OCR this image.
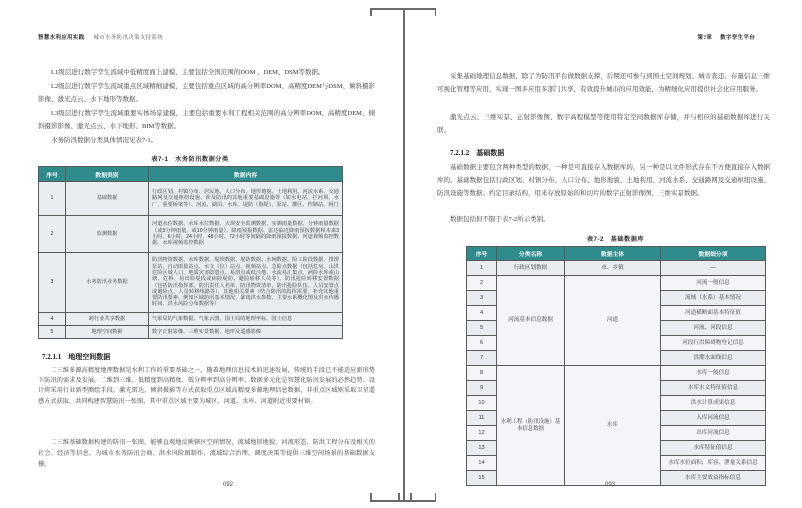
智慧水利应用实践 城市水务防汛决策支持系统

L1级层进行数字孪生流域中低精度面上建模，主要包括全国范围的DOM 、DEM、DSM等数据。

L2级层进行数字孪生流域重点区域精细建模，主要包括重点区域的高分辨率DOM、高精度DEM与DSM、倾斜摄影影像、激光点云、水下地形等数据。

L3级层进行数字孪生流域重要实体场景建模，主要包括重要水利工程相关范围的高分辨率DOM、高精度DEM、倾斜摄影影像、激光点云、水下地形、BIM等数据。

水务防汛数据分类具体情况见表7-1。

表7-1　水务防汛数据分类
序号	数据类别	数据内容
1	基础数据	行政区划、村镇分布、居民地、人口分布、地形地貌、土地利用、河流水系、交通路网及交通枢纽设施、涉及防汛的其他重要基础设施等（如水电站、拦河坝、水厂、重要桥梁等）、河流、湖泊、水库、堤防（海堤）、泵站、灌区、控制站、闸门
2	监测数据	河道水位数据、水库水位数据、大坝安全监测数据、实测雨量数据、分钟雨量数据（或5分钟雨量，或10分钟雨量）、降雨预报数据、雷达临近降雨预报数据和未来3小时、6小时、24小时、48小时、72小时等间隔的降雨预报数据、河道视频监控数据、水库视频监控数据
3	水务防汛业务数据	防汛物资数据、水库数据、堤坝数据、堤防数据、水闸数据、险工险段数据、排涝泵站、自动雨量站点、水文（位）站点、视频站点、急险点数据（包括危房、山洪危险区域人口、地质灾害隐患点、易涝点或低洼地、水流易汇集点、病险水库或山塘、危桥、易出险堤段或病险堤防、避险转移人员等）、防汛抢险转移安置数据（包括防汛指挥部、防汛责任人名单、防汛物资清单、防汛抢险队伍、人员安置点或避险点、人员转移线路等）、其他相关要素（结合防汛的指挥需要、补充其他重要防汛要素、例如区域防汛基本情况、暴雨洪水参数、主要水系概化图及洪水传播时间、洪水风险分布数据等）
4	跨行业共享数据	气象局的气象数据、气象云图、国土局的地理坐标、国土信息
5	地理空间数据	数字正射影像、三维实景数据、地形及遥感影像
7.2.1.1 地理空间数据

二三维多源高精度地理数据是水利工作的重要基础之一，随着地理信息技术的迅速发展，传统的手段已不能适应新形势下防汛的需求及发展。二维到三维、低精度到高精度、低分辨率到高分辨率、数据多元化是智慧化防汛发展的必然趋势。设计将采用行业新型测绘手段、激光雷达、倾斜摄影等方式获取重点区域高精度多源地理信息数据，非重点区域则采取卫星遥感方式获取，共同构建智慧防汛一张图，其中重点区域主要为城区、河道、水库、河道附近重要村镇。

二三维基础数据构建的防汛一张图，能够直观地反映辖区空间情况、流域地形地貌、河流形态、防洪工程分布及相关的社会、经济等信息，为城市水务防汛会商、洪水风险图制作、流域综合治理、调度决策等提供三维空间场景的基础数据支撑。

092
第7章 数字孪生平台

采集基础地理信息数据，除了为防汛平台做数据支撑，后期还可参与到国土空间规划、城市查违、存量信息三维可视化管理等应用，实现一图多应用多部门共享，有效提升城市的应用效能，为精细化应用提供社会化应用服务。

激光点云、三维实景、正射影像图、数字高程模型等使用特定空间数据库存储，并与相应的基础数据库进行关联。

7.2.1.2 基础数据

基础数据主要包含两种类型的数据，一种是可直接存入数据库的，另一种是以文件形式存在不方便直接存入数据库的。基础数据包括行政区划、村镇分布、人口分布、地形地貌、土地利用、河流水系、交通路网及交通枢纽设施、防汛设施等数据；约定目录结构，用来存放原始的和切片的数字正射影像图、三维实景数据。

数据包括但不限于表7-2所示类别。

表7-2　基础数据库
序号	分类名称	数据主体	数据细分项
1	行政区划数据	市、乡镇	—
2	河流基本信息数据	河道	河流一般信息
3			流域（水系）基本情况
4			河道横断面基本特征值
5			河流、河段信息
6			河段行洪障碍物登记信息
7			洪期水面线信息
8	水利工程（防汛设施）基本信息数据	水库	水库一般信息
9			水库水文特征值信息
10			洪水计算成果信息
11			入库河流信息
12			出库河流信息
13			水库特征值信息
14			水库水位面积、库容、泄量关系信息
15			水库主要效益指标信息
093
